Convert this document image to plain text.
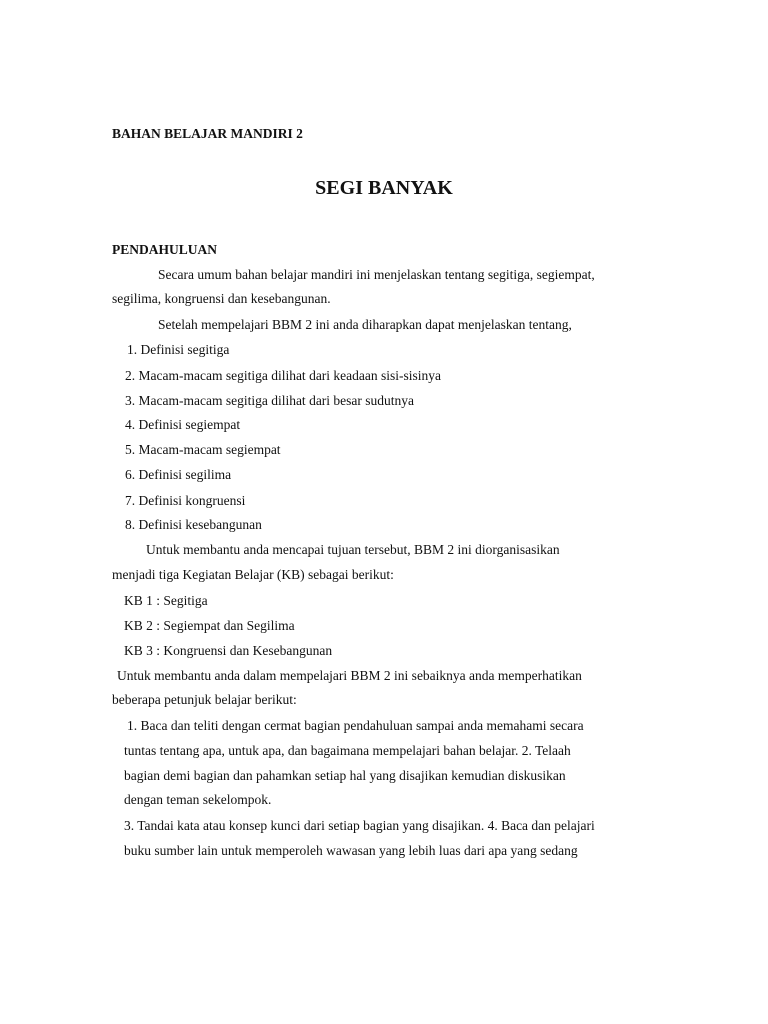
BAHAN BELAJAR MANDIRI 2
SEGI BANYAK
PENDAHULUAN
Secara umum bahan belajar mandiri ini menjelaskan tentang segitiga, segiempat,
segilima, kongruensi dan kesebangunan.
Setelah mempelajari BBM 2 ini anda diharapkan dapat menjelaskan tentang,
1. Definisi segitiga
2. Macam-macam segitiga dilihat dari keadaan sisi-sisinya
3. Macam-macam segitiga dilihat dari besar sudutnya
4. Definisi segiempat
5. Macam-macam segiempat
6. Definisi segilima
7. Definisi kongruensi
8. Definisi kesebangunan
Untuk membantu anda mencapai tujuan tersebut, BBM 2 ini diorganisasikan
menjadi tiga Kegiatan Belajar (KB) sebagai berikut:
KB 1 : Segitiga
KB 2 : Segiempat dan Segilima
KB 3 : Kongruensi dan Kesebangunan
Untuk membantu anda dalam mempelajari BBM 2 ini sebaiknya anda memperhatikan
beberapa petunjuk belajar berikut:
1. Baca dan teliti dengan cermat bagian pendahuluan sampai anda memahami secara
tuntas tentang apa, untuk apa, dan bagaimana mempelajari bahan belajar. 2. Telaah
bagian demi bagian dan pahamkan setiap hal yang disajikan kemudian diskusikan
dengan teman sekelompok.
3. Tandai kata atau konsep kunci dari setiap bagian yang disajikan. 4. Baca dan pelajari
buku sumber lain untuk memperoleh wawasan yang lebih luas dari apa yang sedang
